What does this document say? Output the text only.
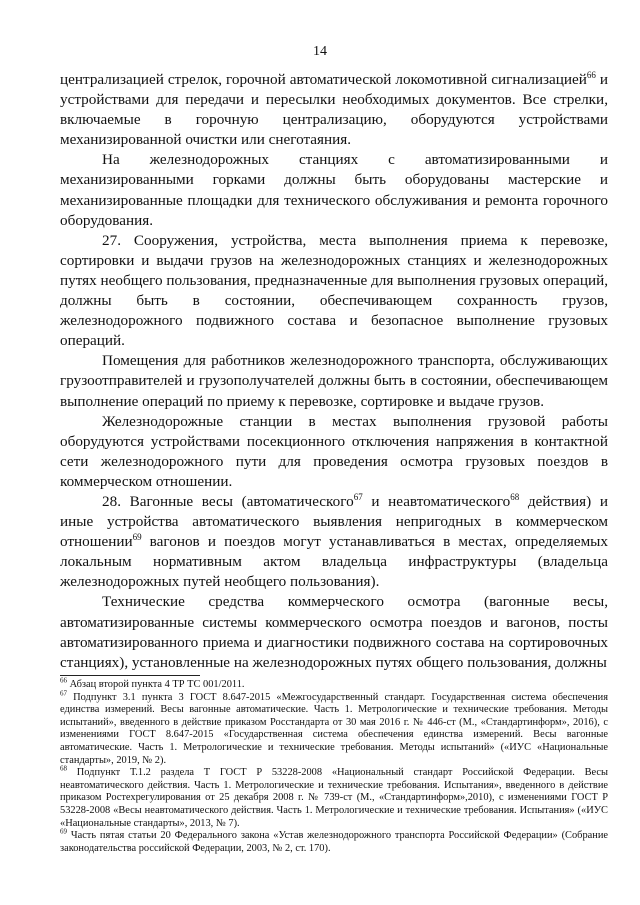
14

централизацией стрелок, горочной автоматической локомотивной сигнализацией$^{66}$ и устройствами для передачи и пересылки необходимых документов. Все стрелки, включаемые в горочную централизацию, оборудуются устройствами механизированной очистки или снеготаяния.

На железнодорожных станциях с автоматизированными и механизированными горками должны быть оборудованы мастерские и механизированные площадки для технического обслуживания и ремонта горочного оборудования.

27. Сооружения, устройства, места выполнения приема к перевозке, сортировки и выдачи грузов на железнодорожных станциях и железнодорожных путях необщего пользования, предназначенные для выполнения грузовых операций, должны быть в состоянии, обеспечивающем сохранность грузов, железнодорожного подвижного состава и безопасное выполнение грузовых операций.

Помещения для работников железнодорожного транспорта, обслуживающих грузоотправителей и грузополучателей должны быть в состоянии, обеспечивающем выполнение операций по приему к перевозке, сортировке и выдаче грузов.

Железнодорожные станции в местах выполнения грузовой работы оборудуются устройствами посекционного отключения напряжения в контактной сети железнодорожного пути для проведения осмотра грузовых поездов в коммерческом отношении.

28. Вагонные весы (автоматического$^{67}$ и неавтоматического$^{68}$ действия) и иные устройства автоматического выявления непригодных в коммерческом отношении$^{69}$ вагонов и поездов могут устанавливаться в местах, определяемых локальным нормативным актом владельца инфраструктуры (владельца железнодорожных путей необщего пользования).

Технические средства коммерческого осмотра (вагонные весы, автоматизированные системы коммерческого осмотра поездов и вагонов, посты автоматизированного приема и диагностики подвижного состава на сортировочных станциях), установленные на железнодорожных путях общего пользования, должны

$^{66}$ Абзац второй пункта 4 ТР ТС 001/2011.

$^{67}$ Подпункт 3.1 пункта 3 ГОСТ 8.647-2015 «Межгосударственный стандарт. Государственная система обеспечения единства измерений. Весы вагонные автоматические. Часть 1. Метрологические и технические требования. Методы испытаний», введенного в действие приказом Росстандарта от 30 мая 2016 г. № 446-ст (М., «Стандартинформ», 2016), с изменениями ГОСТ 8.647-2015 «Государственная система обеспечения единства измерений. Весы вагонные автоматические. Часть 1. Метрологические и технические требования. Методы испытаний» («ИУС «Национальные стандарты», 2019, № 2).

$^{68}$ Подпункт Т.1.2 раздела Т ГОСТ Р 53228-2008 «Национальный стандарт Российской Федерации. Весы неавтоматического действия. Часть 1. Метрологические и технические требования. Испытания», введенного в действие приказом Ростехрегулирования от 25 декабря 2008 г. № 739-ст (М., «Стандартинформ»,2010), с изменениями ГОСТ Р 53228-2008 «Весы неавтоматического действия. Часть 1. Метрологические и технические требования. Испытания» («ИУС «Национальные стандарты», 2013, № 7).

$^{69}$ Часть пятая статьи 20 Федерального закона «Устав железнодорожного транспорта Российской Федерации» (Собрание законодательства российской Федерации, 2003, № 2, ст. 170).
